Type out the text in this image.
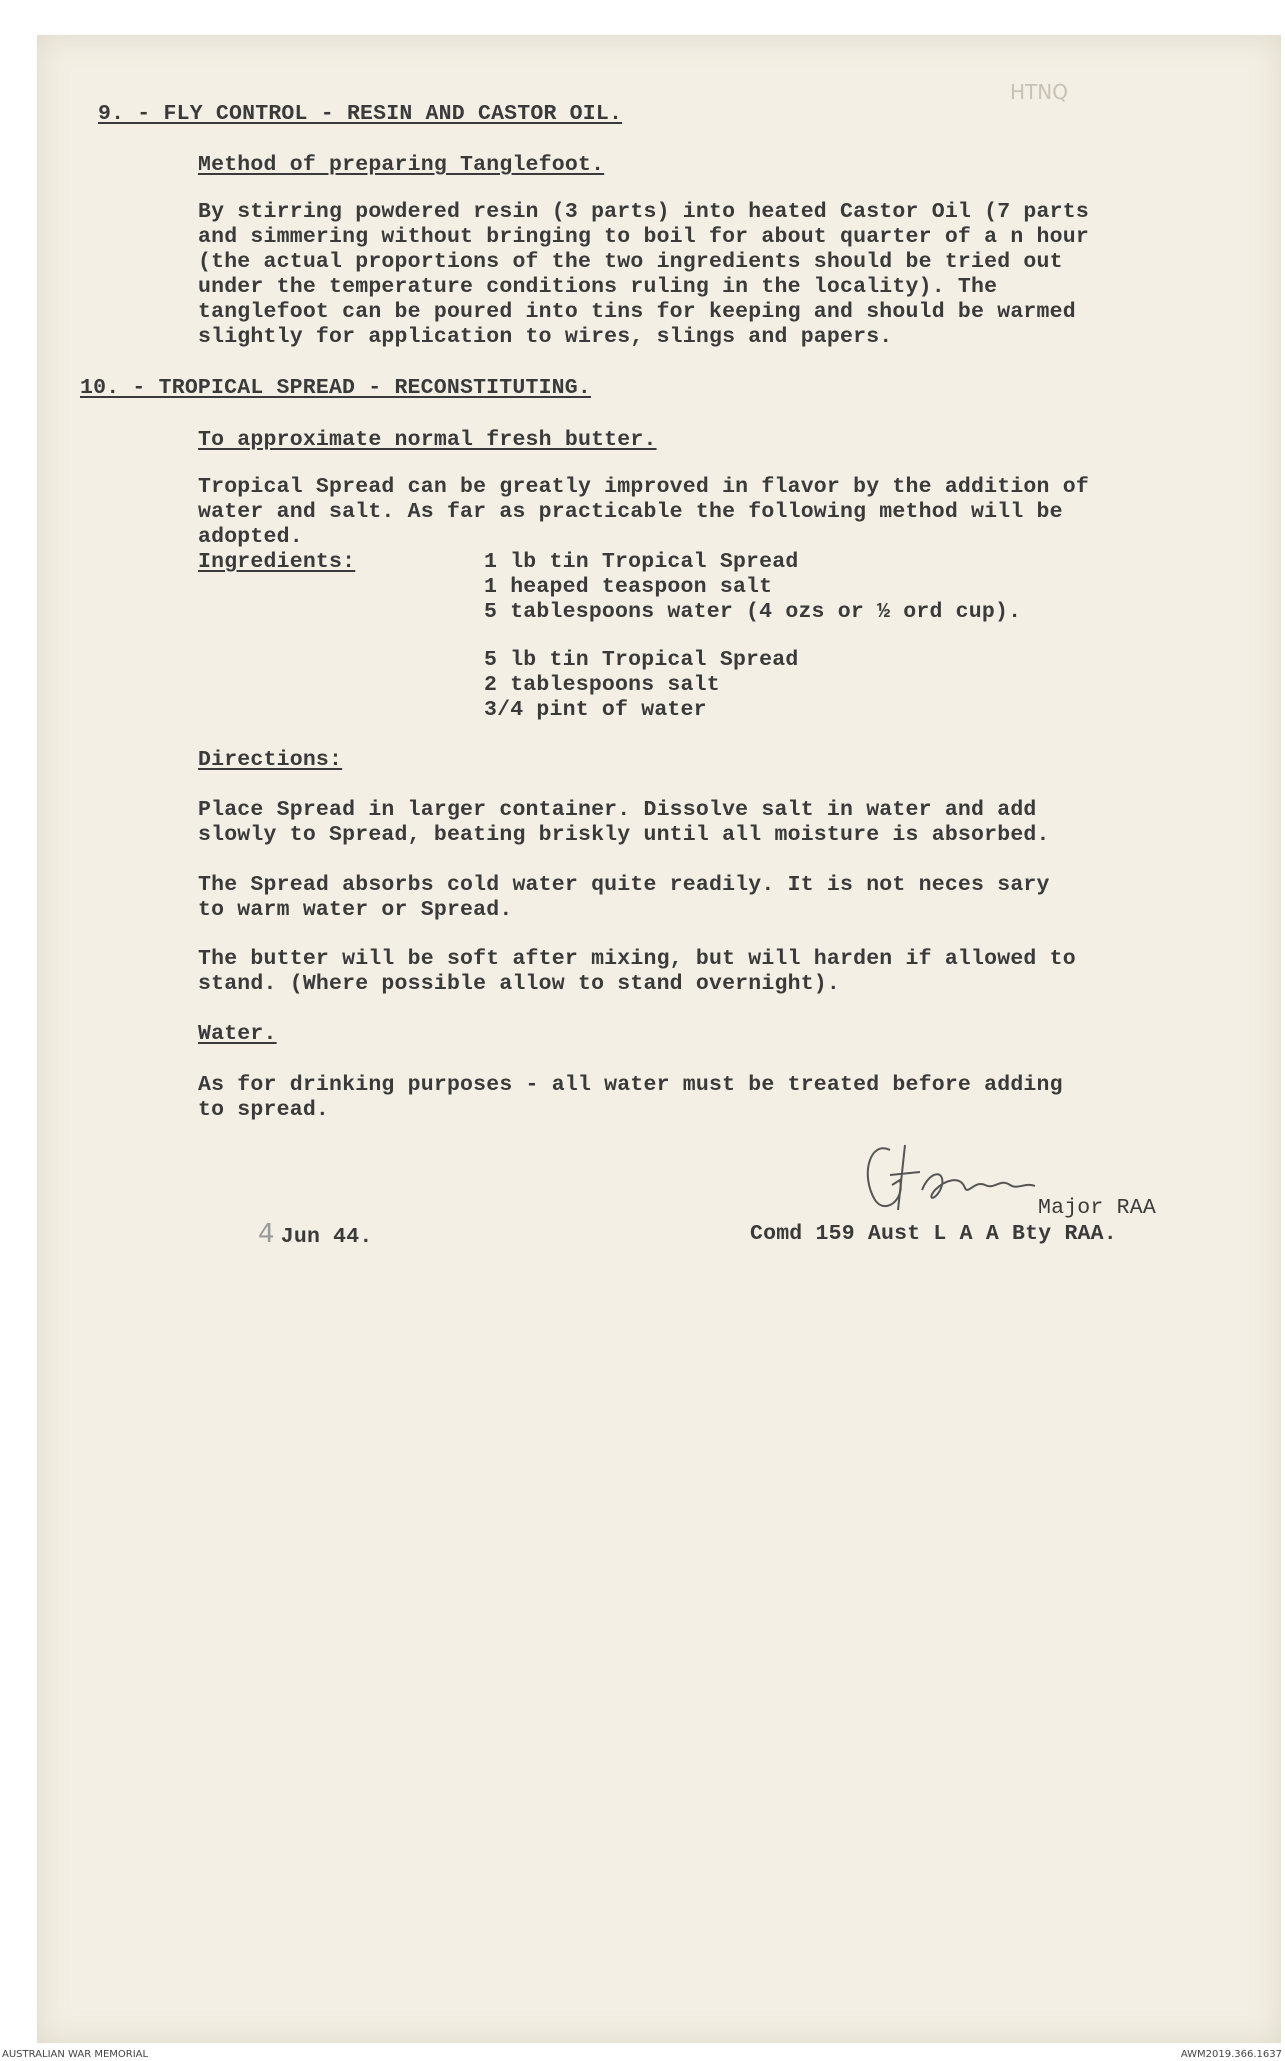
HTNQ
9. - FLY CONTROL - RESIN AND CASTOR OIL.
Method of preparing Tanglefoot.
By stirring powdered resin (3 parts) into heated Castor Oil (7 parts
and simmering without bringing to boil for about quarter of a n hour
(the actual proportions of the two ingredients should be tried out
under the temperature conditions ruling in the locality). The
tanglefoot can be poured into tins for keeping and should be warmed
slightly for application to wires, slings and papers.
10. - TROPICAL SPREAD - RECONSTITUTING.
To approximate normal fresh butter.
Tropical Spread can be greatly improved in flavor by the addition of
water and salt. As far as practicable the following method will be
adopted.
Ingredients:	1 lb tin Tropical Spread
1 heaped teaspoon salt
5 tablespoons water (4 ozs or ½ ord cup).
5 lb tin Tropical Spread
2 tablespoons salt
3/4 pint of water
Directions:
Place Spread in larger container. Dissolve salt in water and add
slowly to Spread, beating briskly until all moisture is absorbed.
The Spread absorbs cold water quite readily. It is not neces sary
to warm water or Spread.
The butter will be soft after mixing, but will harden if allowed to
stand. (Where possible allow to stand overnight).
Water.
As for drinking purposes - all water must be treated before adding
to spread.
4 Jun 44.
Major RAA
Comd 159 Aust L A A Bty RAA.
AUSTRALIAN WAR MEMORIAL	AWM2019.366.1637
